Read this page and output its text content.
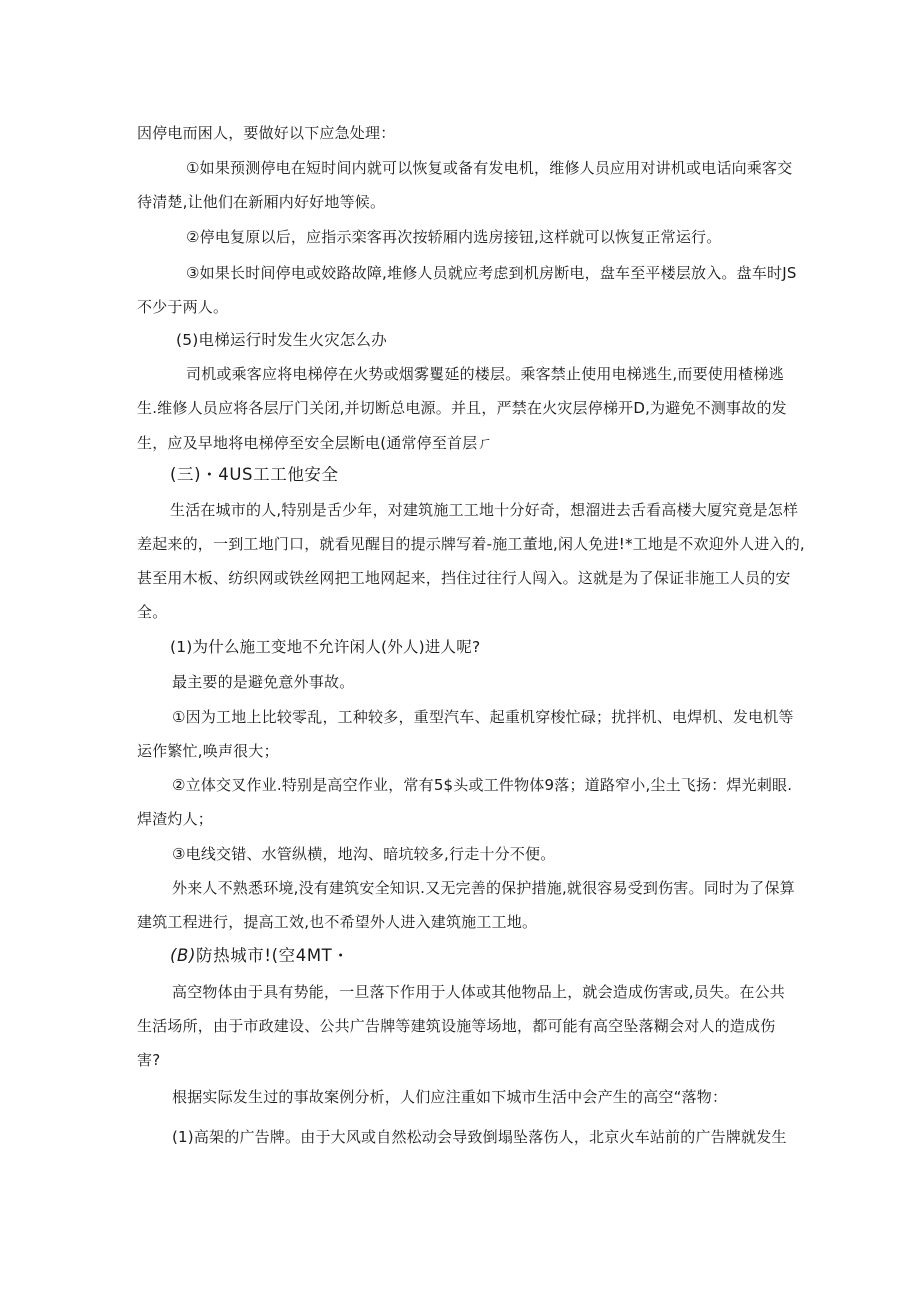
因停电而困人，要做好以下应急处理：

①如果预测停电在短时间内就可以恢复或备有发电机，维修人员应用对讲机或电话向乘客交

待清楚,让他们在新厢内好好地等候。

②停电复原以后，应指示栾客再次按轿厢内选房接钮,这样就可以恢复正常运行。

③如果长时间停电或姣路故障,堆修人员就应考虑到机房断电，盘车至平楼层放入。盘车时JS

不少于两人。

(5)电梯运行时发生火灾怎么办

司机或乘客应将电梯停在火势或烟雾矍延的楼层。乘客禁止使用电梯逃生,而要使用楂梯逃

生.维修人员应将各层厅门关闭,并切断总电源。并且，严禁在火灾层停梯开D,为避免不测事故的发

生，应及早地将电梯停至安全层断电(通常停至首层ㄏ

(三)・4US工工他安全

生活在城市的人,特别是舌少年，对建筑施工工地十分好奇，想溜进去舌看高楼大厦究竟是怎样

差起来的，一到工地门口，就看见醒目的提示牌写着-施工董地,闲人免进!*工地是不欢迎外人进入的,

甚至用木板、纺织网或铁丝网把工地网起来，挡住过往行人闯入。这就是为了保证非施工人员的安

全。

(1)为什么施工变地不允许闲人(外人)进人呢?

最主要的是避免意外事故。

①因为工地上比较零乱，工种较多，重型汽车、起重机穿梭忙碌；扰拌机、电焊机、发电机等

运作繁忙,唤声很大；

②立体交叉作业.特别是高空作业，常有5$头或工件物体9落；道路窄小,尘土飞扬：焊光刺眼.

焊渣灼人；

③电线交错、水管纵横，地沟、暗坑较多,行走十分不便。

外来人不熟悉环境,没有建筑安全知识.又无完善的保护措施,就很容易受到伤害。同时为了保算

建筑工程进行，提高工效,也不希望外人进入建筑施工工地。

(B)防热城市!(空4MT・

高空物体由于具有势能，一旦落下作用于人体或其他物品上，就会造成伤害或,员失。在公共

生活场所，由于市政建设、公共广告牌等建筑设施等场地，都可能有高空坠落糊会对人的造成伤

害?

根据实际发生过的事故案例分析，人们应注重如下城市生活中会产生的高空“落物：

(1)高架的广告牌。由于大风或自然松动会导致倒塌坠落伤人，北京火车站前的广告牌就发生
